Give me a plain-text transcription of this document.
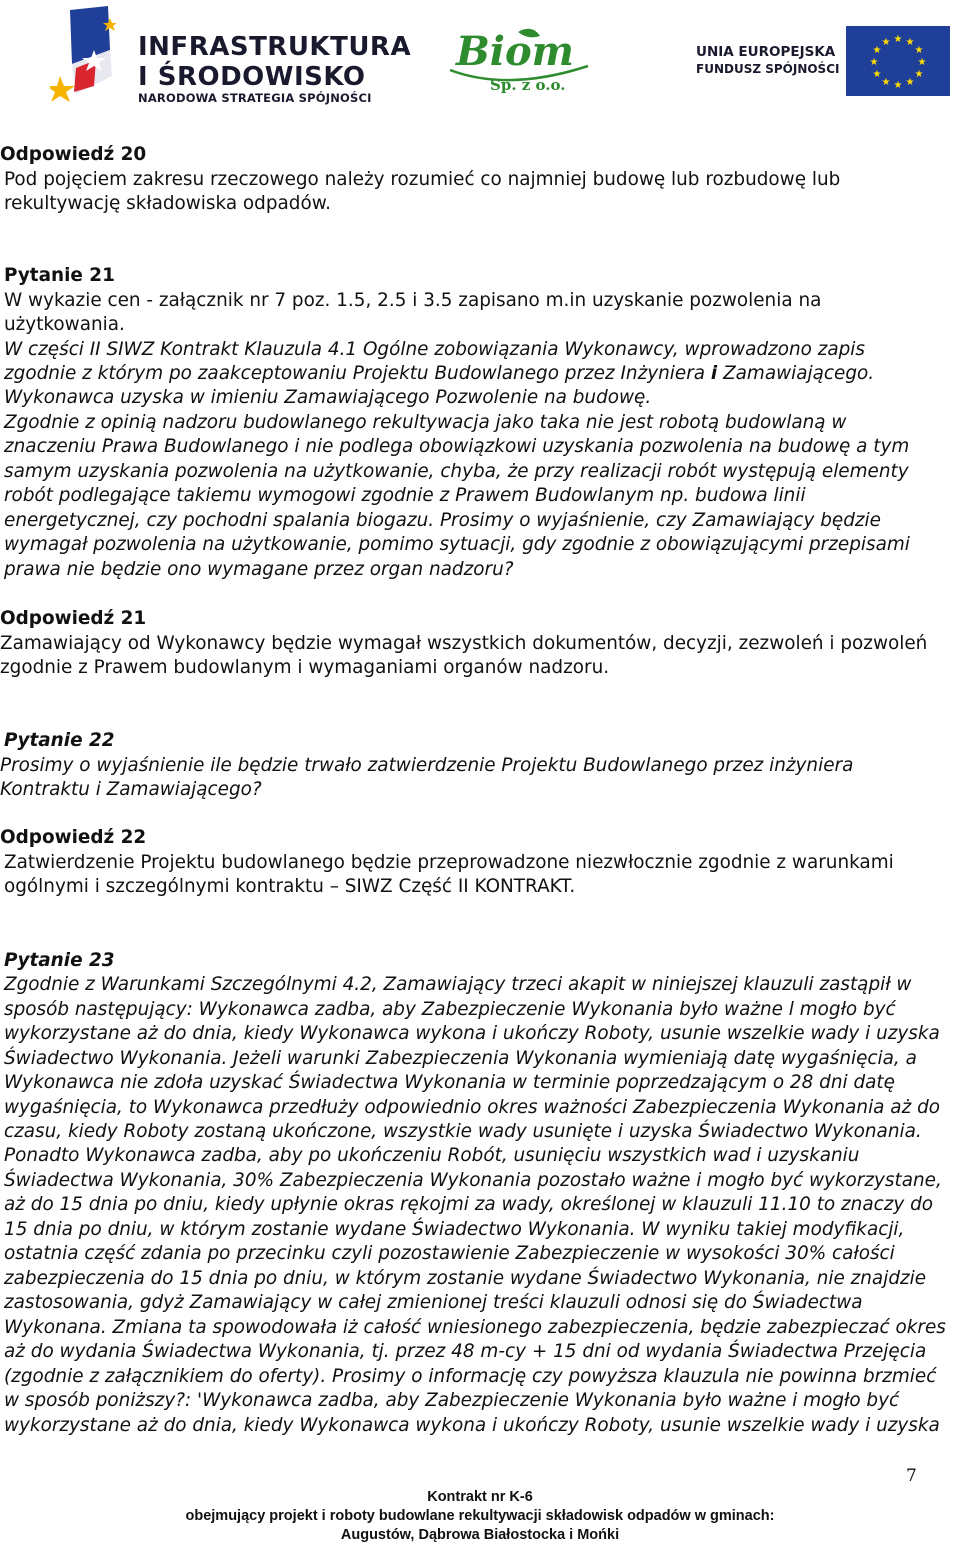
INFRASTRUKTURA
I ŚRODOWISKO
NARODOWA STRATEGIA SPÓJNOŚCI
Biom
Sp. z o.o.
UNIA EUROPEJSKA
FUNDUSZ SPÓJNOŚCI
★ ★
★
★
★
★
★
★
★
★
★
★
Odpowiedź 20
Pod pojęciem zakresu rzeczowego należy rozumieć co najmniej budowę lub rozbudowę lub
rekultywację składowiska odpadów.
Pytanie 21
W wykazie cen - załącznik nr 7 poz. 1.5, 2.5 i 3.5 zapisano m.in uzyskanie pozwolenia na
użytkowania.
W części II SIWZ Kontrakt Klauzula 4.1 Ogólne zobowiązania Wykonawcy, wprowadzono zapis
zgodnie z którym po zaakceptowaniu Projektu Budowlanego przez Inżyniera i Zamawiającego.
Wykonawca uzyska w imieniu Zamawiającego Pozwolenie na budowę.
Zgodnie z opinią nadzoru budowlanego rekultywacja jako taka nie jest robotą budowlaną w
znaczeniu Prawa Budowlanego i nie podlega obowiązkowi uzyskania pozwolenia na budowę a tym
samym uzyskania pozwolenia na użytkowanie, chyba, że przy realizacji robót występują elementy
robót podlegające takiemu wymogowi zgodnie z Prawem Budowlanym np. budowa linii
energetycznej, czy pochodni spalania biogazu. Prosimy o wyjaśnienie, czy Zamawiający będzie
wymagał pozwolenia na użytkowanie, pomimo sytuacji, gdy zgodnie z obowiązującymi przepisami
prawa nie będzie ono wymagane przez organ nadzoru?
Odpowiedź 21
Zamawiający od Wykonawcy będzie wymagał wszystkich dokumentów, decyzji, zezwoleń i pozwoleń
zgodnie z Prawem budowlanym i wymaganiami organów nadzoru.
Pytanie 22
Prosimy o wyjaśnienie ile będzie trwało zatwierdzenie Projektu Budowlanego przez inżyniera
Kontraktu i Zamawiającego?
Odpowiedź 22
Zatwierdzenie Projektu budowlanego będzie przeprowadzone niezwłocznie zgodnie z warunkami
ogólnymi i szczególnymi kontraktu – SIWZ Część II KONTRAKT.
Pytanie 23
Zgodnie z Warunkami Szczególnymi 4.2, Zamawiający trzeci akapit w niniejszej klauzuli zastąpił w
sposób następujący: Wykonawca zadba, aby Zabezpieczenie Wykonania było ważne l mogło być
wykorzystane aż do dnia, kiedy Wykonawca wykona i ukończy Roboty, usunie wszelkie wady i uzyska
Świadectwo Wykonania. Jeżeli warunki Zabezpieczenia Wykonania wymieniają datę wygaśnięcia, a
Wykonawca nie zdoła uzyskać Świadectwa Wykonania w terminie poprzedzającym o 28 dni datę
wygaśnięcia, to Wykonawca przedłuży odpowiednio okres ważności Zabezpieczenia Wykonania aż do
czasu, kiedy Roboty zostaną ukończone, wszystkie wady usunięte i uzyska Świadectwo Wykonania.
Ponadto Wykonawca zadba, aby po ukończeniu Robót, usunięciu wszystkich wad i uzyskaniu
Świadectwa Wykonania, 30% Zabezpieczenia Wykonania pozostało ważne i mogło być wykorzystane,
aż do 15 dnia po dniu, kiedy upłynie okras rękojmi za wady, określonej w klauzuli 11.10 to znaczy do
15 dnia po dniu, w którym zostanie wydane Świadectwo Wykonania. W wyniku takiej modyfikacji,
ostatnia część zdania po przecinku czyli pozostawienie Zabezpieczenie w wysokości 30% całości
zabezpieczenia do 15 dnia po dniu, w którym zostanie wydane Świadectwo Wykonania, nie znajdzie
zastosowania, gdyż Zamawiający w całej zmienionej treści klauzuli odnosi się do Świadectwa
Wykonana. Zmiana ta spowodowała iż całość wniesionego zabezpieczenia, będzie zabezpieczać okres
aż do wydania Świadectwa Wykonania, tj. przez 48 m-cy + 15 dni od wydania Świadectwa Przejęcia
(zgodnie z załącznikiem do oferty). Prosimy o informację czy powyższa klauzula nie powinna brzmieć
w sposób poniższy?: 'Wykonawca zadba, aby Zabezpieczenie Wykonania było ważne i mogło być
wykorzystane aż do dnia, kiedy Wykonawca wykona i ukończy Roboty, usunie wszelkie wady i uzyska
7
Kontrakt nr K-6
obejmujący projekt i roboty budowlane rekultywacji składowisk odpadów w gminach:
Augustów, Dąbrowa Białostocka i Mońki
